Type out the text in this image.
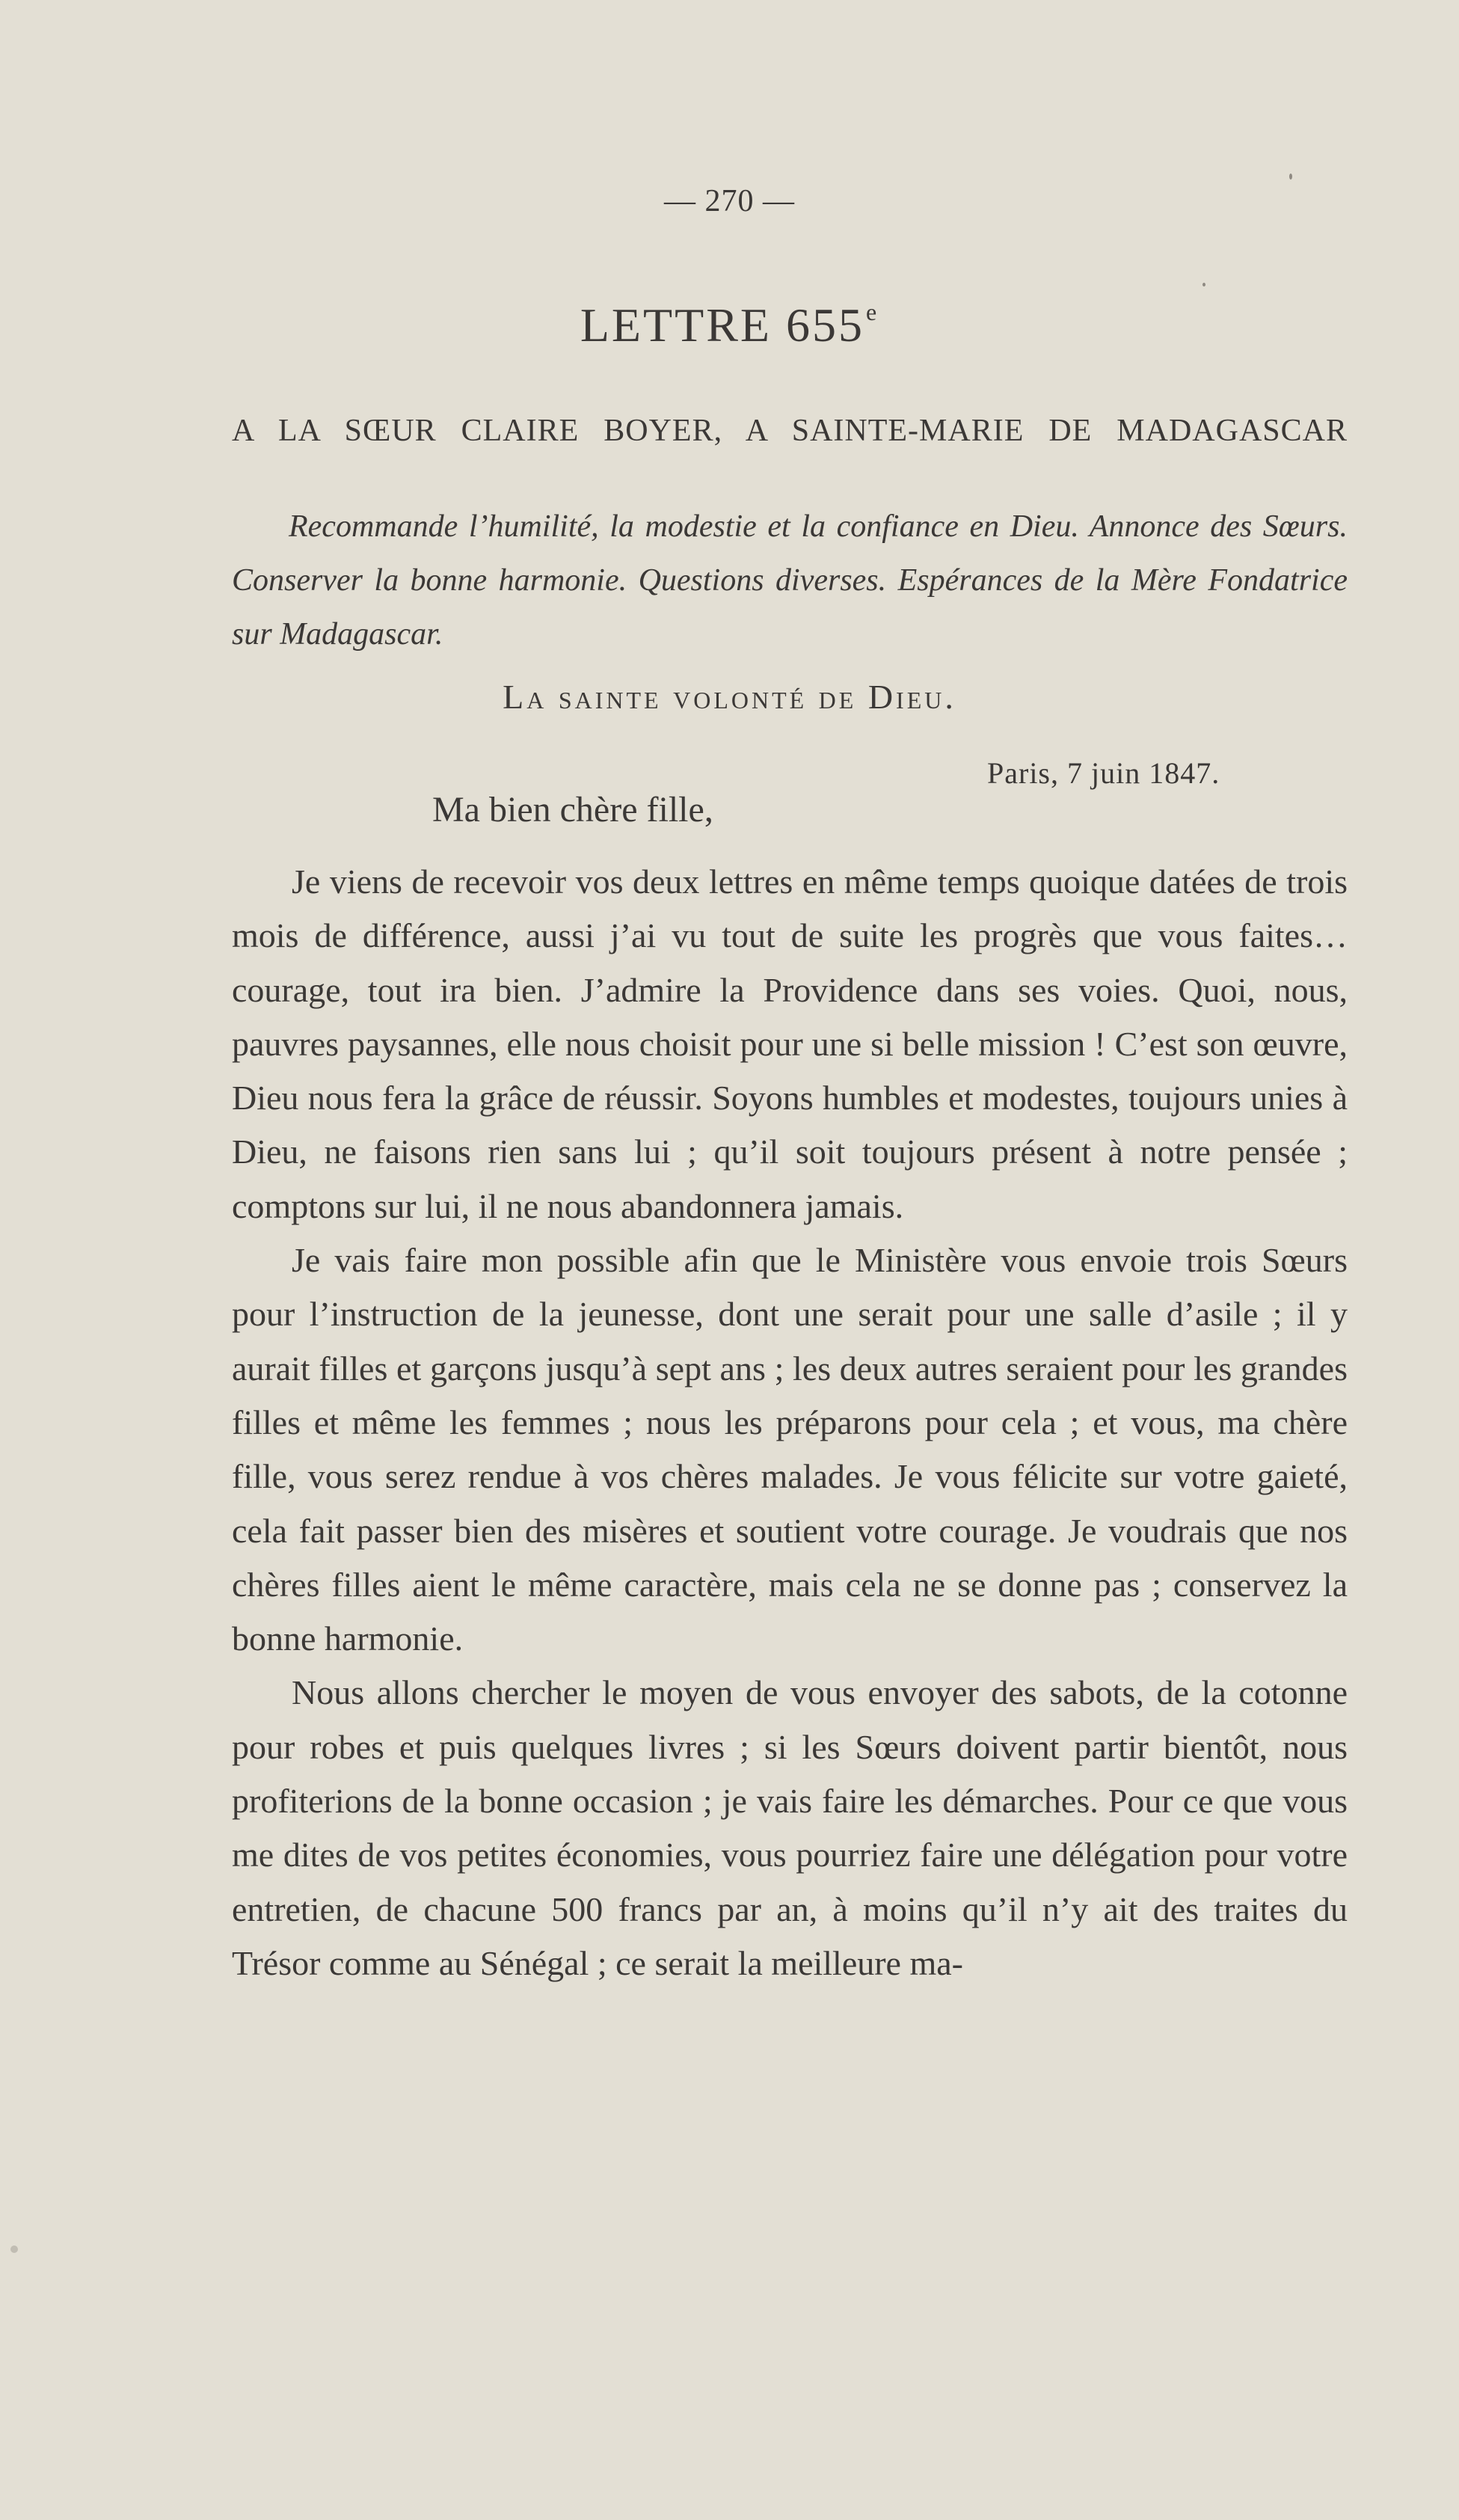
— 270 —
LETTRE 655e
A LA SŒUR CLAIRE BOYER, A SAINTE-MARIE DE MADAGASCAR
Recommande l’humilité, la modestie et la confiance en Dieu. Annonce des Sœurs. Conserver la bonne harmonie. Questions diverses. Espérances de la Mère Fondatrice sur Madagascar.
La sainte volonté de Dieu.
Paris, 7 juin 1847.
Ma bien chère fille,

Je viens de recevoir vos deux lettres en même temps quoique datées de trois mois de différence, aussi j’ai vu tout de suite les progrès que vous faites… courage, tout ira bien. J’admire la Providence dans ses voies. Quoi, nous, pauvres paysannes, elle nous choisit pour une si belle mission ! C’est son œuvre, Dieu nous fera la grâce de réussir. Soyons humbles et modestes, toujours unies à Dieu, ne faisons rien sans lui ; qu’il soit toujours présent à notre pensée ; comptons sur lui, il ne nous abandonnera jamais.

Je vais faire mon possible afin que le Ministère vous envoie trois Sœurs pour l’instruction de la jeunesse, dont une serait pour une salle d’asile ; il y aurait filles et garçons jusqu’à sept ans ; les deux autres seraient pour les grandes filles et même les femmes ; nous les préparons pour cela ; et vous, ma chère fille, vous serez rendue à vos chères malades. Je vous félicite sur votre gaieté, cela fait passer bien des misères et soutient votre courage. Je voudrais que nos chères filles aient le même caractère, mais cela ne se donne pas ; conservez la bonne harmonie.

Nous allons chercher le moyen de vous envoyer des sabots, de la cotonne pour robes et puis quelques livres ; si les Sœurs doivent partir bientôt, nous profiterions de la bonne occasion ; je vais faire les démarches. Pour ce que vous me dites de vos petites économies, vous pourriez faire une délégation pour votre entretien, de chacune 500 francs par an, à moins qu’il n’y ait des traites du Trésor comme au Sénégal ; ce serait la meilleure ma-
